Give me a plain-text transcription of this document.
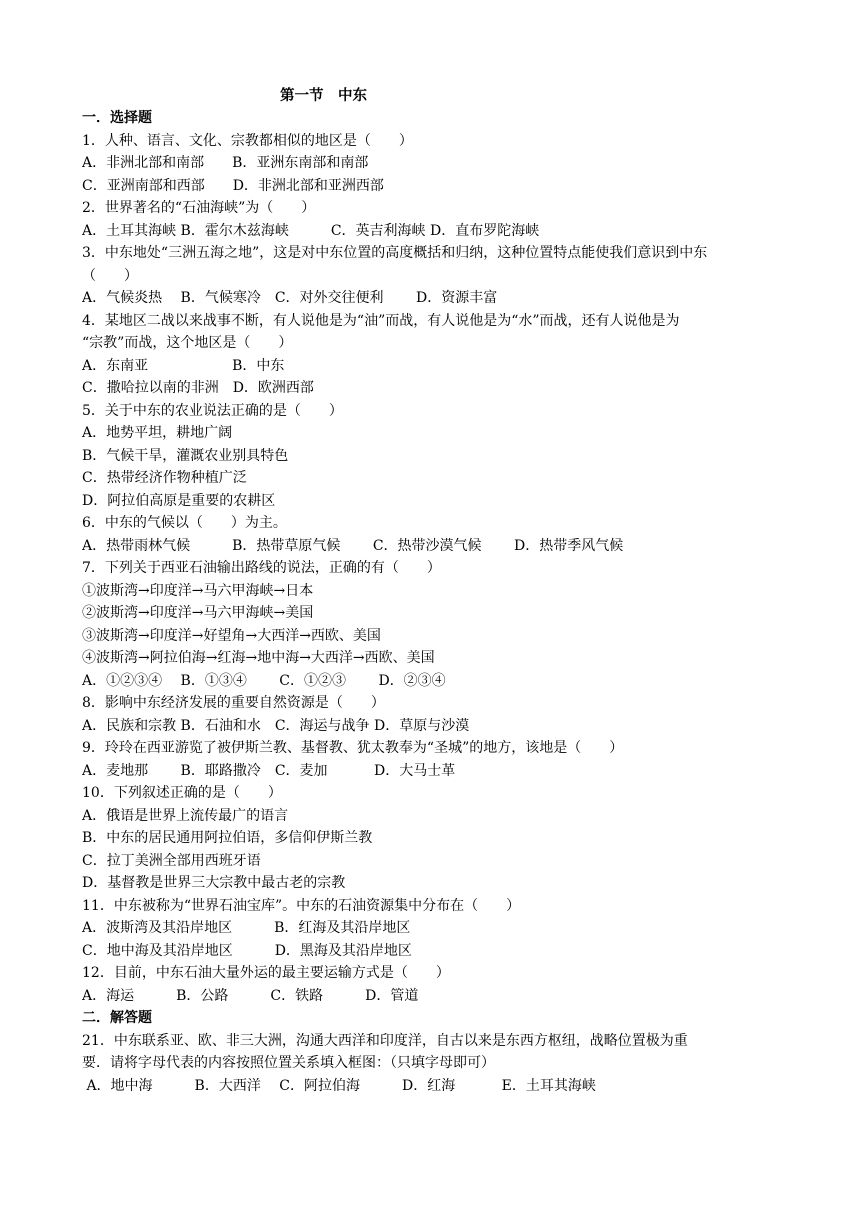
第一节　中东
一．选择题
1．人种、语言、文化、宗教都相似的地区是（　　）
A．非洲北部和南部　　B．亚洲东南部和南部
C．亚洲南部和西部　　D．非洲北部和亚洲西部
2．世界著名的“石油海峡”为（　　）
A．土耳其海峡 B．霍尔木兹海峡　　　C．英吉利海峡 D．直布罗陀海峡
3．中东地处“三洲五海之地”，这是对中东位置的高度概括和归纳，这种位置特点能使我们意识到中东
（　　）
A．气候炎热　 B．气候寒冷　C．对外交往便利　　 D．资源丰富
4．某地区二战以来战事不断，有人说他是为“油”而战，有人说他是为“水”而战，还有人说他是为
“宗教”而战，这个地区是（　　）
A．东南亚　　　　　　B．中东
C．撒哈拉以南的非洲　D．欧洲西部
5．关于中东的农业说法正确的是（　　）
A．地势平坦，耕地广阔
B．气候干旱，灌溉农业别具特色
C．热带经济作物种植广泛
D．阿拉伯高原是重要的农耕区
6．中东的气候以（　　）为主。
A．热带雨林气候　　　B．热带草原气候　　 C．热带沙漠气候　　 D．热带季风气候
7．下列关于西亚石油输出路线的说法，正确的有（　　）
①波斯湾→印度洋→马六甲海峡→日本
②波斯湾→印度洋→马六甲海峡→美国
③波斯湾→印度洋→好望角→大西洋→西欧、美国
④波斯湾→阿拉伯海→红海→地中海→大西洋→西欧、美国
A．①②③④　 B．①③④　　 C．①②③　　 D．②③④
8．影响中东经济发展的重要自然资源是（　　）
A．民族和宗教 B．石油和水　C．海运与战争 D．草原与沙漠
9．玲玲在西亚游览了被伊斯兰教、基督教、犹太教奉为“圣城”的地方，该地是（　　）
A．麦地那　　 B．耶路撒冷　C．麦加　　　 D．大马士革
10．下列叙述正确的是（　　）
A．俄语是世界上流传最广的语言
B．中东的居民通用阿拉伯语，多信仰伊斯兰教
C．拉丁美洲全部用西班牙语
D．基督教是世界三大宗教中最古老的宗教
11．中东被称为“世界石油宝库”。中东的石油资源集中分布在（　　）
A．波斯湾及其沿岸地区　　　B．红海及其沿岸地区
C．地中海及其沿岸地区　　　D．黑海及其沿岸地区
12．目前，中东石油大量外运的最主要运输方式是（　　）
A．海运　　　B．公路　　　C．铁路　　　D．管道
二．解答题
21．中东联系亚、欧、非三大洲，沟通大西洋和印度洋，自古以来是东西方枢纽，战略位置极为重
要．请将字母代表的内容按照位置关系填入框图：（只填字母即可）
A．地中海　　　B．大西洋　 C．阿拉伯海　　　D．红海　　　 E．土耳其海峡
